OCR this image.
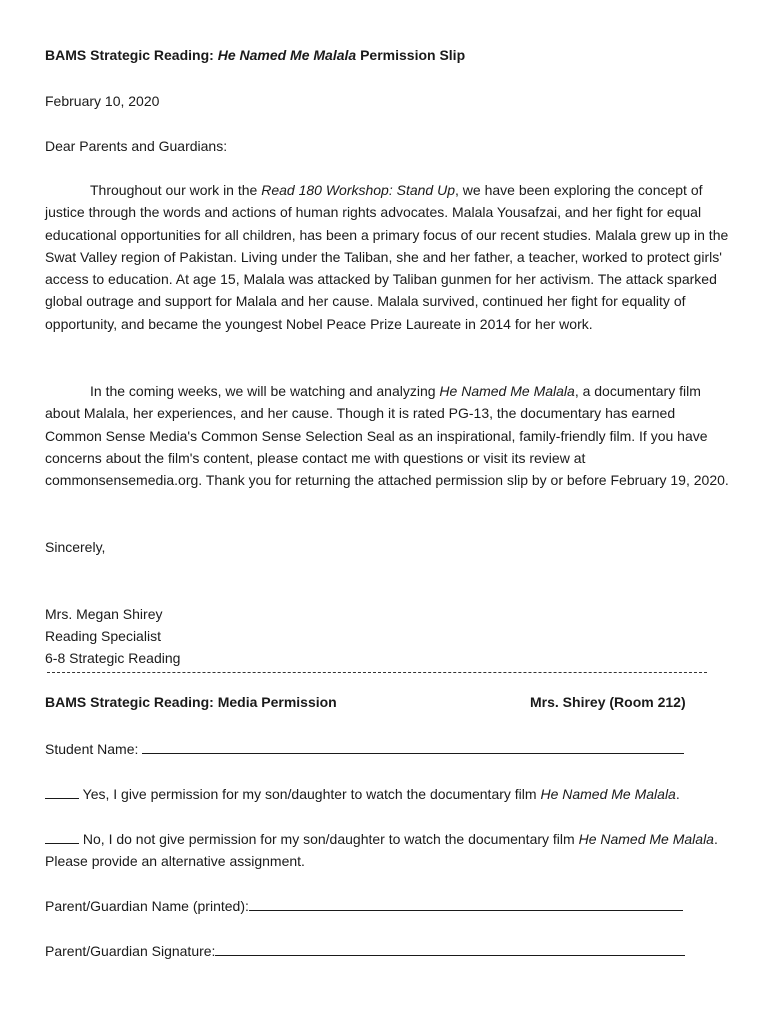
BAMS Strategic Reading: He Named Me Malala Permission Slip
February 10, 2020
Dear Parents and Guardians:

Throughout our work in the Read 180 Workshop: Stand Up, we have been exploring the concept of justice through the words and actions of human rights advocates. Malala Yousafzai, and her fight for equal educational opportunities for all children, has been a primary focus of our recent studies. Malala grew up in the Swat Valley region of Pakistan. Living under the Taliban, she and her father, a teacher, worked to protect girls' access to education. At age 15, Malala was attacked by Taliban gunmen for her activism. The attack sparked global outrage and support for Malala and her cause. Malala survived, continued her fight for equality of opportunity, and became the youngest Nobel Peace Prize Laureate in 2014 for her work.

In the coming weeks, we will be watching and analyzing He Named Me Malala, a documentary film about Malala, her experiences, and her cause. Though it is rated PG-13, the documentary has earned Common Sense Media's Common Sense Selection Seal as an inspirational, family-friendly film. If you have concerns about the film's content, please contact me with questions or visit its review at commonsensemedia.org. Thank you for returning the attached permission slip by or before February 19, 2020.

Sincerely,
Mrs. Megan Shirey
Reading Specialist
6-8 Strategic Reading
BAMS Strategic Reading: Media Permission	Mrs. Shirey (Room 212)
Student Name:
Yes, I give permission for my son/daughter to watch the documentary film He Named Me Malala.

No, I do not give permission for my son/daughter to watch the documentary film He Named Me Malala. Please provide an alternative assignment.

Parent/Guardian Name (printed):
Parent/Guardian Signature:
